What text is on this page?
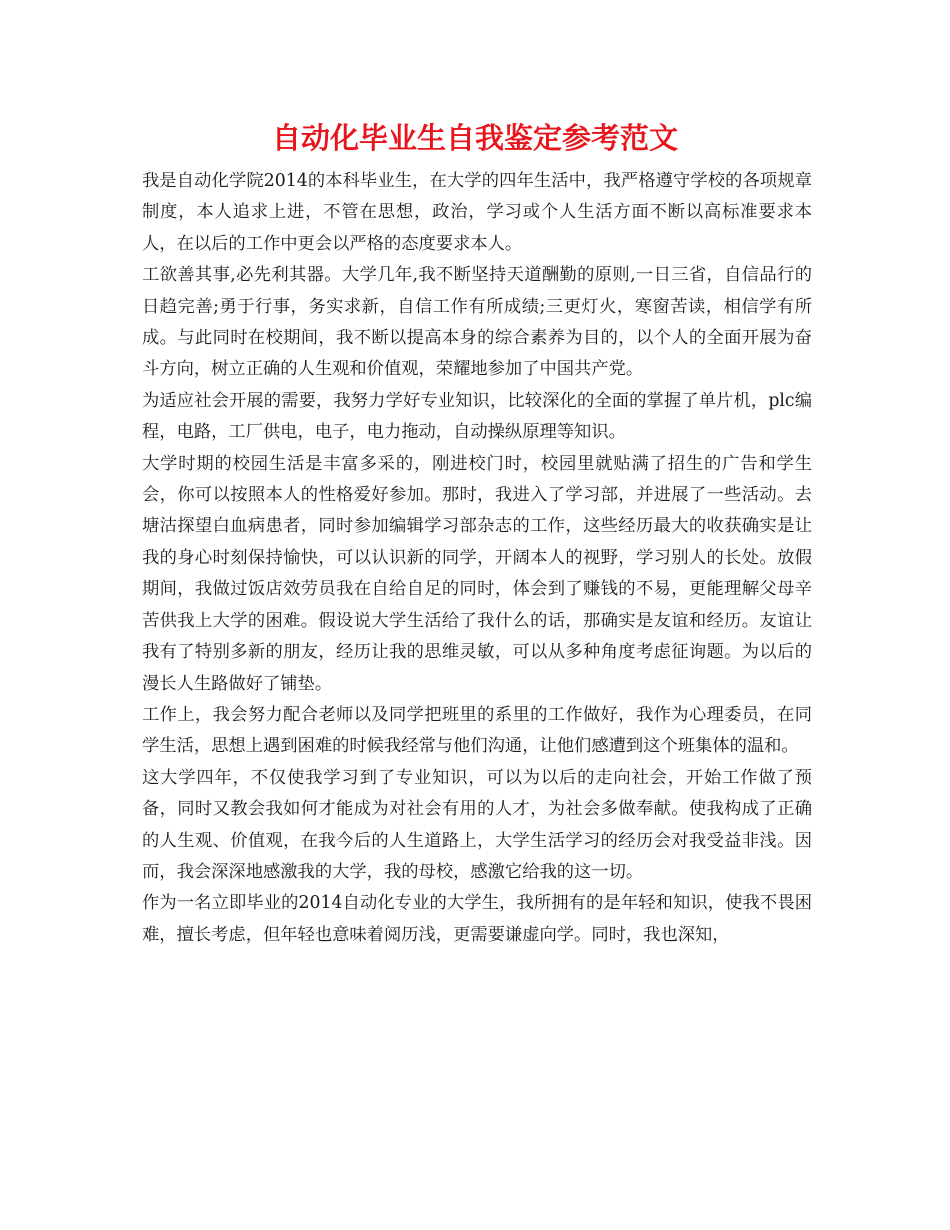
自动化毕业生自我鉴定参考范文

我是自动化学院2014的本科毕业生，在大学的四年生活中，我严格遵守学校的各项规章制度，本人追求上进，不管在思想，政治，学习或个人生活方面不断以高标准要求本人，在以后的工作中更会以严格的态度要求本人。

工欲善其事,必先利其器。大学几年,我不断坚持天道酬勤的原则,一日三省，自信品行的日趋完善;勇于行事，务实求新，自信工作有所成绩;三更灯火，寒窗苦读，相信学有所成。与此同时在校期间，我不断以提高本身的综合素养为目的，以个人的全面开展为奋斗方向，树立正确的人生观和价值观，荣耀地参加了中国共产党。

为适应社会开展的需要，我努力学好专业知识，比较深化的全面的掌握了单片机，plc编程，电路，工厂供电，电子，电力拖动，自动操纵原理等知识。

大学时期的校园生活是丰富多采的，刚进校门时，校园里就贴满了招生的广告和学生会，你可以按照本人的性格爱好参加。那时，我进入了学习部，并进展了一些活动。去塘沽探望白血病患者，同时参加编辑学习部杂志的工作，这些经历最大的收获确实是让我的身心时刻保持愉快，可以认识新的同学，开阔本人的视野，学习别人的长处。放假期间，我做过饭店效劳员我在自给自足的同时，体会到了赚钱的不易，更能理解父母辛苦供我上大学的困难。假设说大学生活给了我什么的话，那确实是友谊和经历。友谊让我有了特别多新的朋友，经历让我的思维灵敏，可以从多种角度考虑征询题。为以后的漫长人生路做好了铺垫。

工作上，我会努力配合老师以及同学把班里的系里的工作做好，我作为心理委员，在同学生活，思想上遇到困难的时候我经常与他们沟通，让他们感遭到这个班集体的温和。

这大学四年，不仅使我学习到了专业知识，可以为以后的走向社会，开始工作做了预备，同时又教会我如何才能成为对社会有用的人才，为社会多做奉献。使我构成了正确的人生观、价值观，在我今后的人生道路上，大学生活学习的经历会对我受益非浅。因而，我会深深地感激我的大学，我的母校，感激它给我的这一切。

作为一名立即毕业的2014自动化专业的大学生，我所拥有的是年轻和知识，使我不畏困难，擅长考虑，但年轻也意味着阅历浅，更需要谦虚向学。同时，我也深知，
